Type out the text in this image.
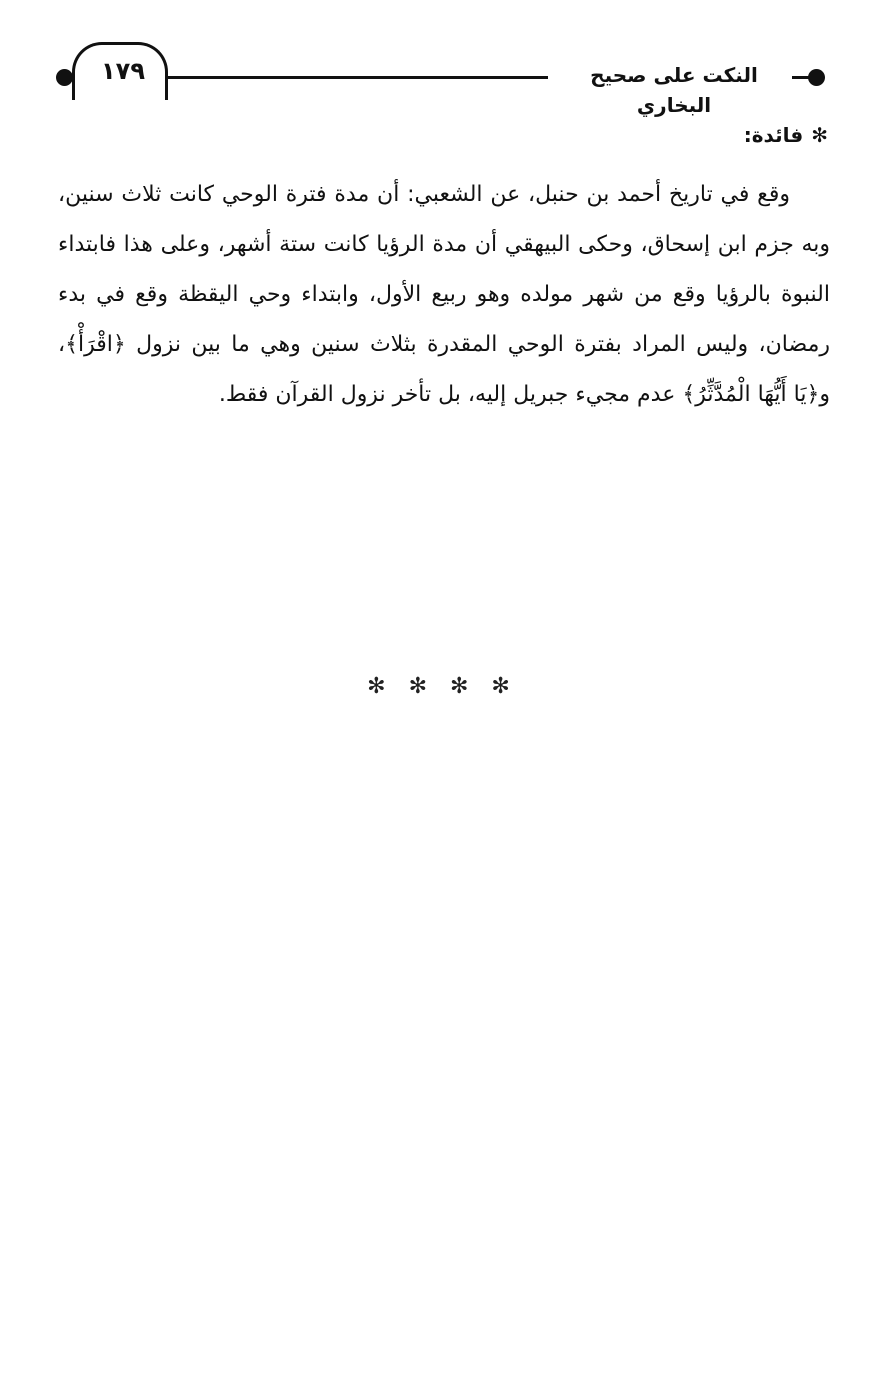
١٧٩	النكت على صحيح البخاري
✻فائدة:
وقع في تاريخ أحمد بن حنبل، عن الشعبي: أن مدة فترة الوحي كانت ثلاث سنين، وبه جزم ابن إسحاق، وحكى البيهقي أن مدة الرؤيا كانت ستة أشهر، وعلى هذا فابتداء النبوة بالرؤيا وقع من شهر مولده وهو ربيع الأول، وابتداء وحي اليقظة وقع في بدء رمضان، وليس المراد بفترة الوحي المقدرة بثلاث سنين وهي ما بين نزول ﴿اقْرَأْ﴾، و﴿يَا أَيُّهَا الْمُدَّثِّرُ﴾ عدم مجيء جبريل إليه، بل تأخر نزول القرآن فقط.
✻ ✻ ✻ ✻
